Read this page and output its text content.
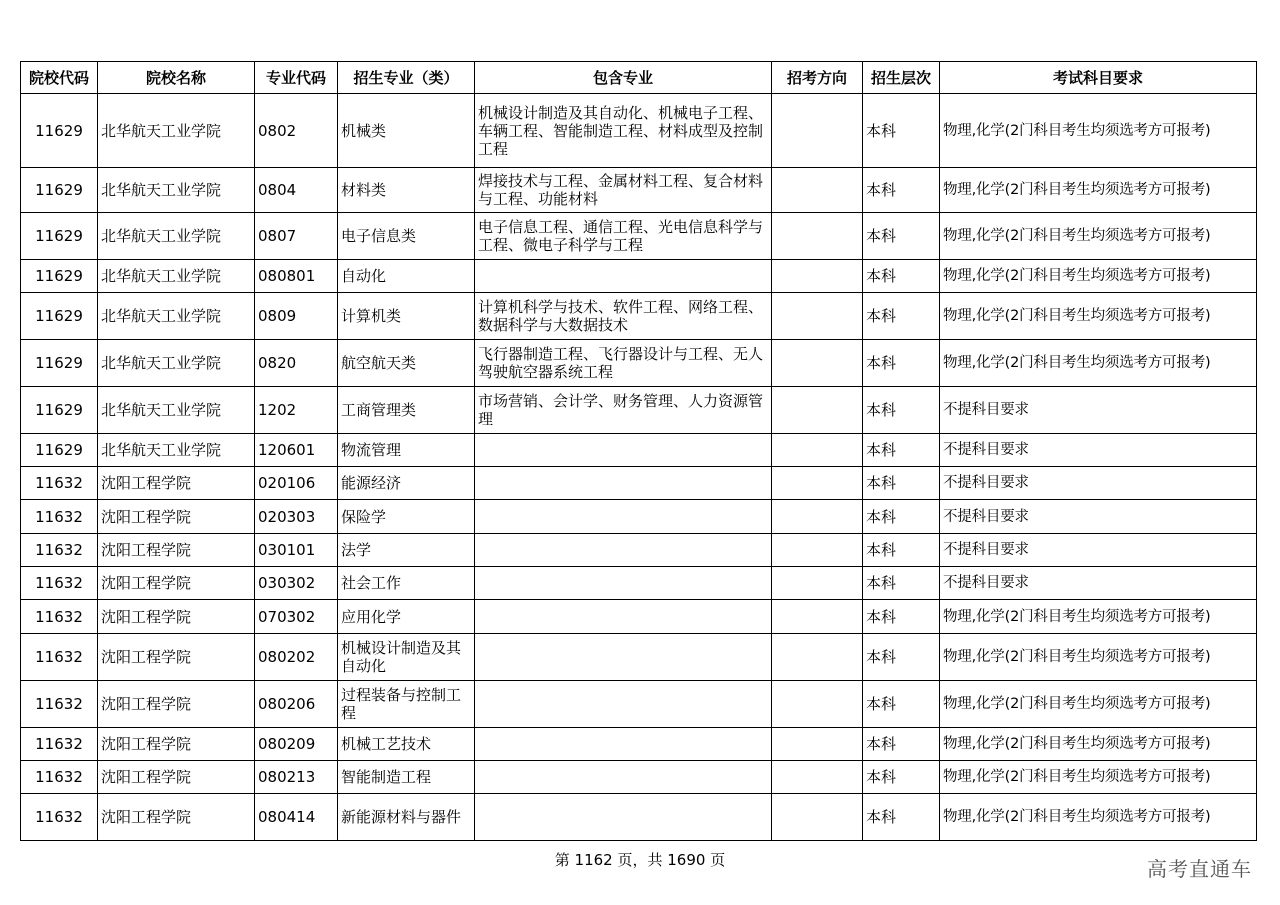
院校代码	院校名称	专业代码	招生专业（类）	包含专业	招考方向	招生层次	考试科目要求
11629	北华航天工业学院	0802	机械类	机械设计制造及其自动化、机械电子工程、车辆工程、智能制造工程、材料成型及控制工程		本科	物理,化学(2门科目考生均须选考方可报考)
11629	北华航天工业学院	0804	材料类	焊接技术与工程、金属材料工程、复合材料与工程、功能材料		本科	物理,化学(2门科目考生均须选考方可报考)
11629	北华航天工业学院	0807	电子信息类	电子信息工程、通信工程、光电信息科学与工程、微电子科学与工程		本科	物理,化学(2门科目考生均须选考方可报考)
11629	北华航天工业学院	080801	自动化			本科	物理,化学(2门科目考生均须选考方可报考)
11629	北华航天工业学院	0809	计算机类	计算机科学与技术、软件工程、网络工程、数据科学与大数据技术		本科	物理,化学(2门科目考生均须选考方可报考)
11629	北华航天工业学院	0820	航空航天类	飞行器制造工程、飞行器设计与工程、无人驾驶航空器系统工程		本科	物理,化学(2门科目考生均须选考方可报考)
11629	北华航天工业学院	1202	工商管理类	市场营销、会计学、财务管理、人力资源管理		本科	不提科目要求
11629	北华航天工业学院	120601	物流管理			本科	不提科目要求
11632	沈阳工程学院	020106	能源经济			本科	不提科目要求
11632	沈阳工程学院	020303	保险学			本科	不提科目要求
11632	沈阳工程学院	030101	法学			本科	不提科目要求
11632	沈阳工程学院	030302	社会工作			本科	不提科目要求
11632	沈阳工程学院	070302	应用化学			本科	物理,化学(2门科目考生均须选考方可报考)
11632	沈阳工程学院	080202	机械设计制造及其自动化			本科	物理,化学(2门科目考生均须选考方可报考)
11632	沈阳工程学院	080206	过程装备与控制工程			本科	物理,化学(2门科目考生均须选考方可报考)
11632	沈阳工程学院	080209	机械工艺技术			本科	物理,化学(2门科目考生均须选考方可报考)
11632	沈阳工程学院	080213	智能制造工程			本科	物理,化学(2门科目考生均须选考方可报考)
11632	沈阳工程学院	080414	新能源材料与器件			本科	物理,化学(2门科目考生均须选考方可报考)
第 1162 页，共 1690 页	高考直通车
